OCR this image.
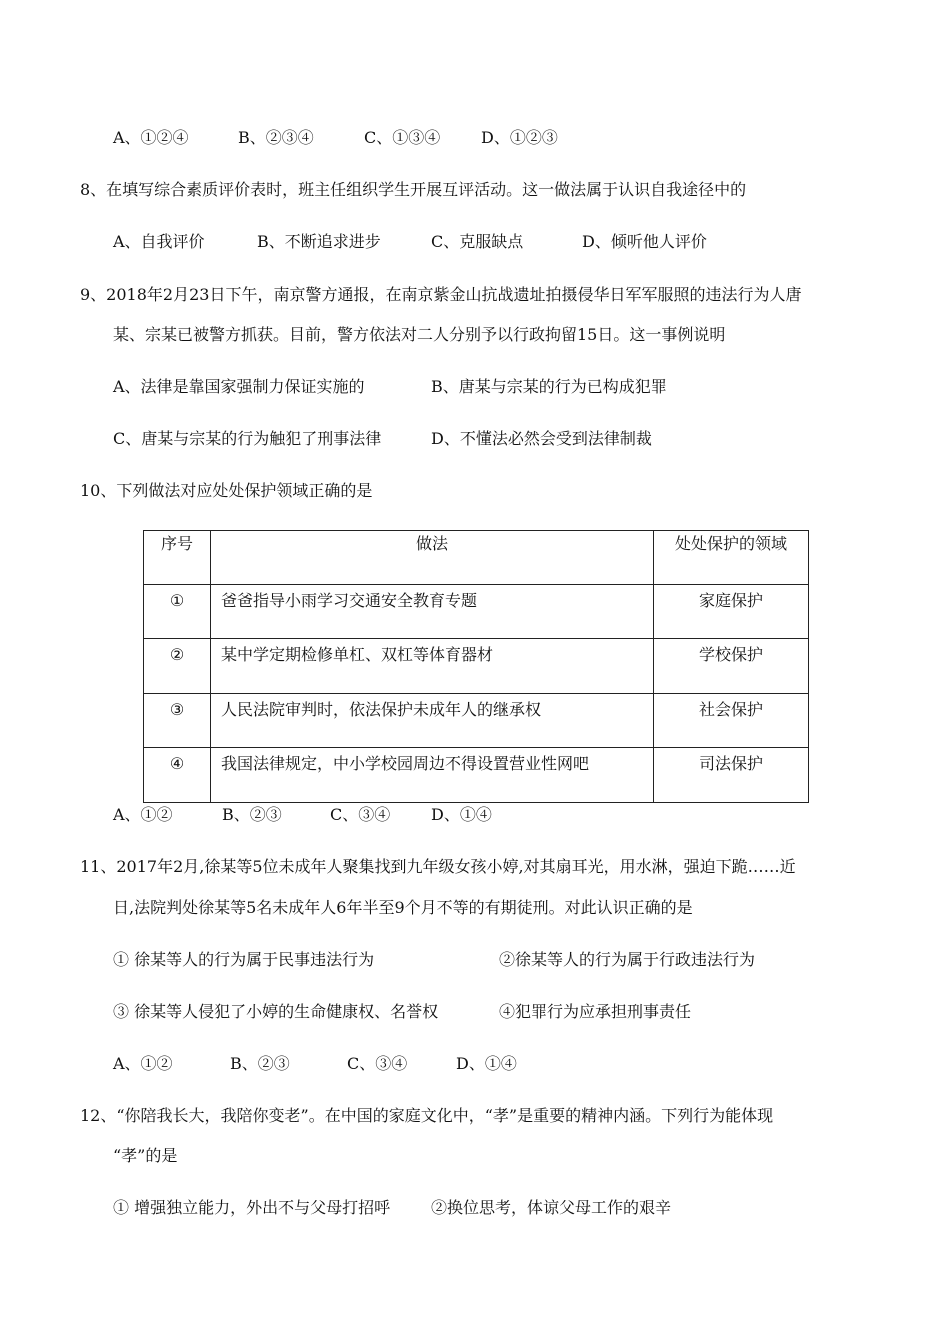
A、①②④	B、②③④	C、①③④	D、①②③
8、在填写综合素质评价表时，班主任组织学生开展互评活动。这一做法属于认识自我途径中的
A、自我评价	B、不断追求进步	C、克服缺点	D、倾听他人评价
9、2018年2月23日下午，南京警方通报，在南京紫金山抗战遗址拍摄侵华日军军服照的违法行为人唐
某、宗某已被警方抓获。目前，警方依法对二人分别予以行政拘留15日。这一事例说明
A、法律是靠国家强制力保证实施的	B、唐某与宗某的行为已构成犯罪
C、唐某与宗某的行为触犯了刑事法律	D、不懂法必然会受到法律制裁
10、下列做法对应处处保护领域正确的是
序号	做法	处处保护的领域
①	爸爸指导小雨学习交通安全教育专题	家庭保护
②	某中学定期检修单杠、双杠等体育器材	学校保护
③	人民法院审判时，依法保护未成年人的继承权	社会保护
④	我国法律规定，中小学校园周边不得设置营业性网吧	司法保护
A、①②	B、②③	C、③④	D、①④
11、2017年2月,徐某等5位未成年人聚集找到九年级女孩小婷,对其扇耳光，用水淋，强迫下跪……近
日,法院判处徐某等5名未成年人6年半至9个月不等的有期徒刑。对此认识正确的是
① 徐某等人的行为属于民事违法行为	②徐某等人的行为属于行政违法行为
③ 徐某等人侵犯了小婷的生命健康权、名誉权	④犯罪行为应承担刑事责任
A、①②	B、②③	C、③④	D、①④
12、“你陪我长大，我陪你变老”。在中国的家庭文化中，“孝”是重要的精神内涵。下列行为能体现
“孝”的是
① 增强独立能力，外出不与父母打招呼	②换位思考，体谅父母工作的艰辛
